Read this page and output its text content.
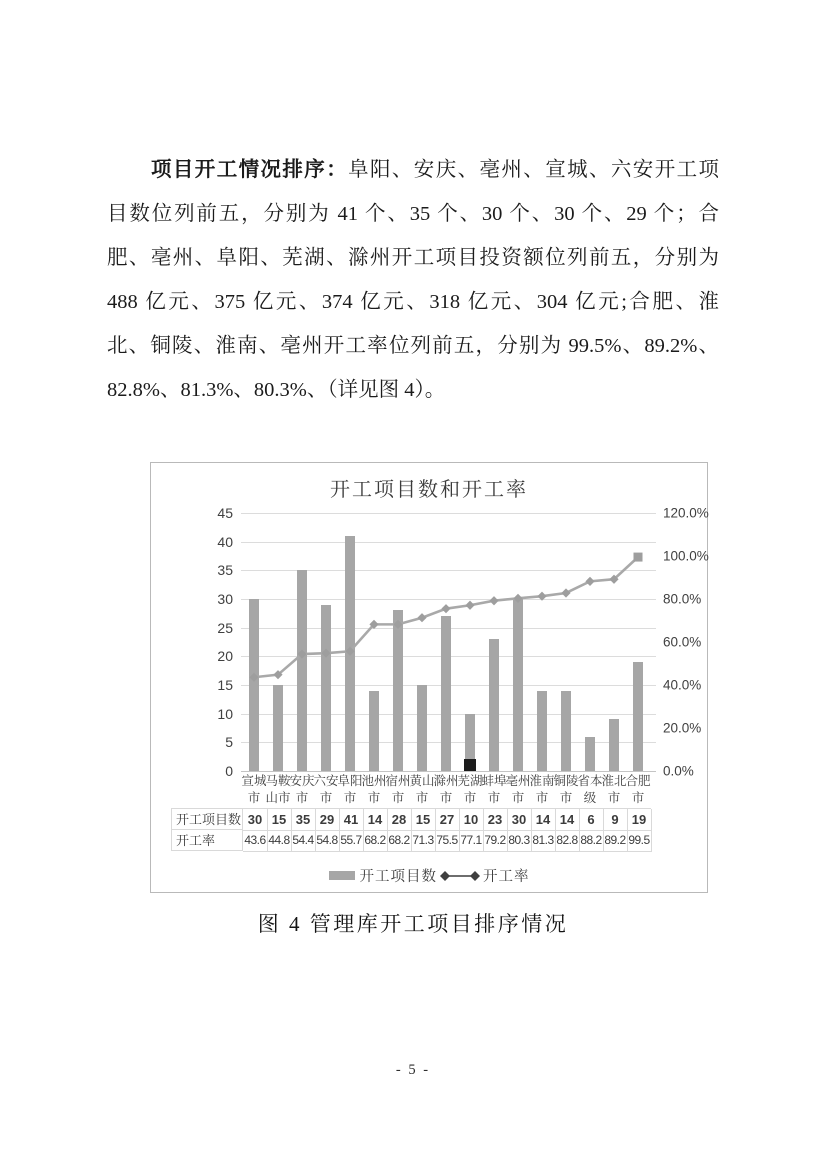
项目开工情况排序：阜阳、安庆、亳州、宣城、六安开工项
目数位列前五，分别为 41 个、35 个、30 个、30 个、29 个；合
肥、亳州、阜阳、芜湖、滁州开工项目投资额位列前五，分别为
488 亿元、375 亿元、374 亿元、318 亿元、304 亿元;合肥、淮
北、铜陵、淮南、亳州开工率位列前五，分别为 99.5%、89.2%、
82.8%、81.3%、80.3%、（详见图 4）。
开工项目数和开工率
45
40
35
30
25
20
15
10
5
0
120.0%
100.0%
80.0%
60.0%
40.0%
20.0%
0.0%
宣城
市
马鞍
山市
安庆
市
六安
市
阜阳
市
池州
市
宿州
市
黄山
市
滁州
市
芜湖
市
蚌埠
市
亳州
市
淮南
市
铜陵
市
省本
级
淮北
市
合肥
市
开工项目数
开工率
30
43.6
15
44.8
35
54.4
29
54.8
41
55.7
14
68.2
28
68.2
15
71.3
27
75.5
10
77.1
23
79.2
30
80.3
14
81.3
14
82.8
6
88.2
9
89.2
19
99.5
开工项目数	开工率
图 4 管理库开工项目排序情况
- 5 -
